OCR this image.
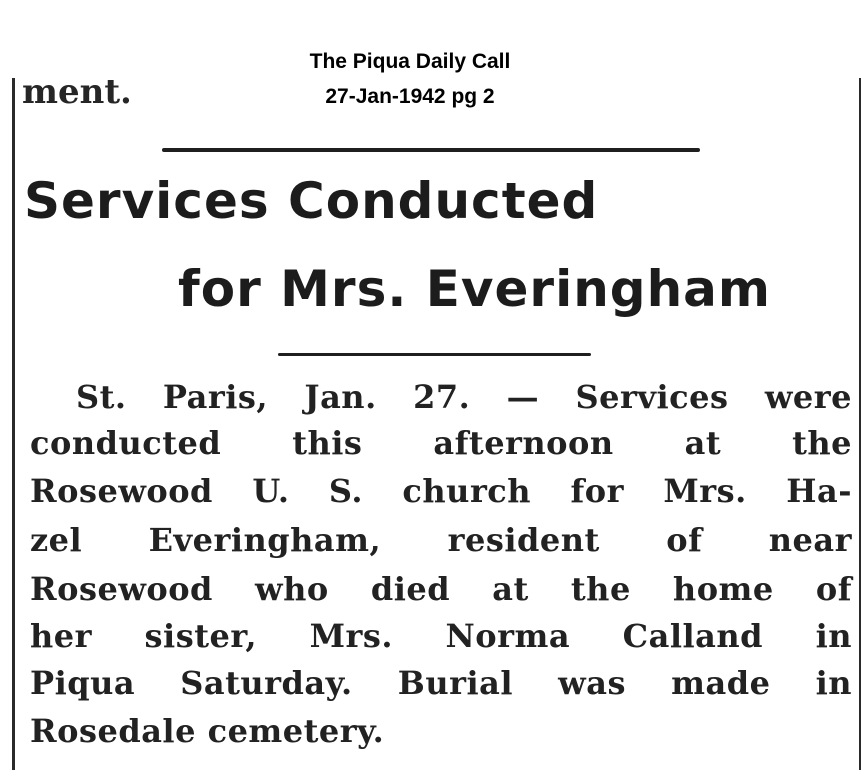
The Piqua Daily Call
27-Jan-1942 pg 2
ment.
Services Conducted
for Mrs. Everingham
St. Paris, Jan. 27. — Services were
conducted this afternoon at the
Rosewood U. S. church for Mrs. Ha-
zel Everingham, resident of near
Rosewood who died at the home of
her sister, Mrs. Norma Calland in
Piqua Saturday. Burial was made in
Rosedale cemetery.
